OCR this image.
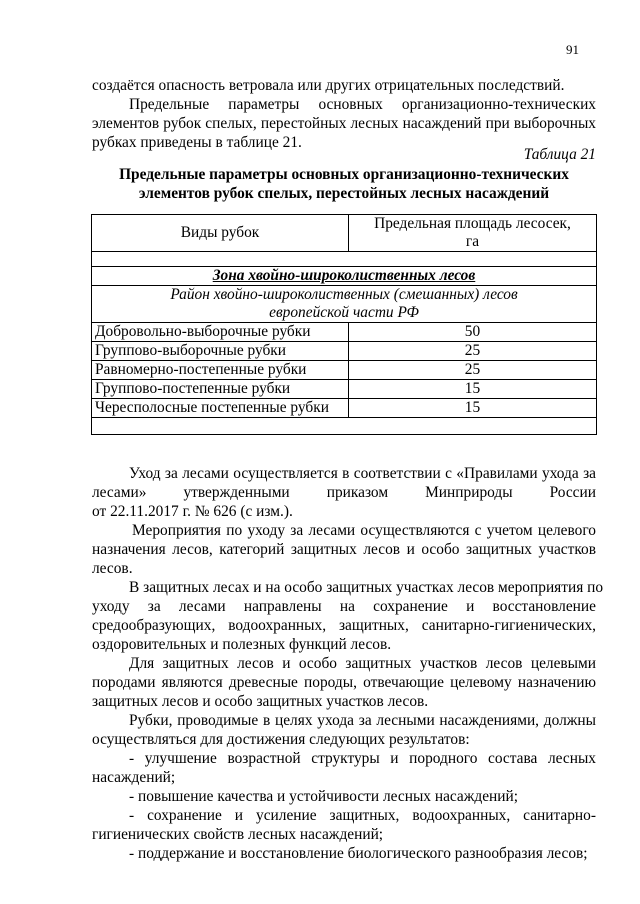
91
создаётся опасность ветровала или других отрицательных последствий.
Предельные параметры основных организационно-технических
элементов рубок спелых, перестойных лесных насаждений при выборочных
рубках приведены в таблице 21.
Таблица 21
Предельные параметры основных организационно-технических
элементов рубок спелых, перестойных лесных насаждений
Виды рубок	Предельная площадь лесосек,
га

Зона хвойно-широколиственных лесов	

Район хвойно-широколиственных (смешанных) лесов
европейской части РФ	

Добровольно-выборочные рубки	50
Групповo-выборочные рубки	25
Равномерно-постепенные рубки	25
Групповo-постепенные рубки	15
Чересполосные постепенные рубки	15

Уход за лесами осуществляется в соответствии с «Правилами ухода за
лесами» утвержденными приказом Минприроды России
от 22.11.2017 г. № 626 (с изм.).
Мероприятия по уходу за лесами осуществляются с учетом целевого
назначения лесов, категорий защитных лесов и особо защитных участков
лесов.
В защитных лесах и на особо защитных участках лесов мероприятия по
уходу за лесами направлены на сохранение и восстановление
средообразующих, водоохранных, защитных, санитарно-гигиенических,
оздоровительных и полезных функций лесов.
Для защитных лесов и особо защитных участков лесов целевыми
породами являются древесные породы, отвечающие целевому назначению
защитных лесов и особо защитных участков лесов.
Рубки, проводимые в целях ухода за лесными насаждениями, должны
осуществляться для достижения следующих результатов:
- улучшение возрастной структуры и породного состава лесных
насаждений;
- повышение качества и устойчивости лесных насаждений;
- сохранение и усиление защитных, водоохранных, санитарно-
гигиенических свойств лесных насаждений;
- поддержание и восстановление биологического разнообразия лесов;
